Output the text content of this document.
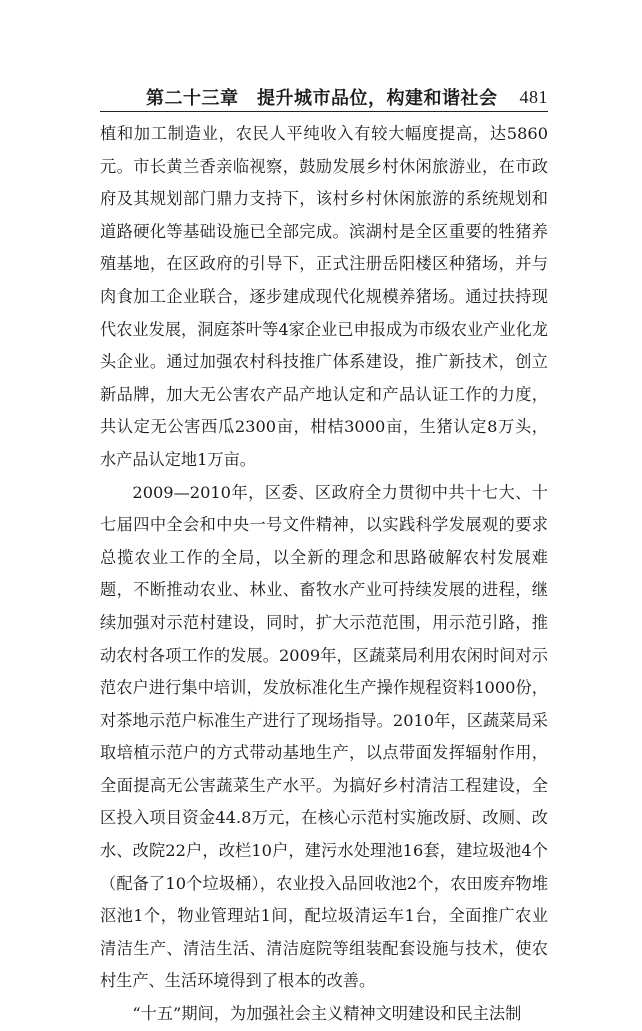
第二十三章　提升城市品位，构建和谐社会 481

植和加工制造业，农民人平纯收入有较大幅度提高，达5860元。市长黄兰香亲临视察，鼓励发展乡村休闲旅游业，在市政府及其规划部门鼎力支持下，该村乡村休闲旅游的系统规划和道路硬化等基础设施已全部完成。滨湖村是全区重要的牲猪养殖基地，在区政府的引导下，正式注册岳阳楼区种猪场，并与肉食加工企业联合，逐步建成现代化规模养猪场。通过扶持现代农业发展，洞庭茶叶等4家企业已申报成为市级农业产业化龙头企业。通过加强农村科技推广体系建设，推广新技术，创立新品牌，加大无公害农产品产地认定和产品认证工作的力度，共认定无公害西瓜2300亩，柑桔3000亩，生猪认定8万头，水产品认定地1万亩。

2009—2010年，区委、区政府全力贯彻中共十七大、十七届四中全会和中央一号文件精神，以实践科学发展观的要求总揽农业工作的全局，以全新的理念和思路破解农村发展难题，不断推动农业、林业、畜牧水产业可持续发展的进程，继续加强对示范村建设，同时，扩大示范范围，用示范引路，推动农村各项工作的发展。2009年，区蔬菜局利用农闲时间对示范农户进行集中培训，发放标准化生产操作规程资料1000份，对茶地示范户标准生产进行了现场指导。2010年，区蔬菜局采取培植示范户的方式带动基地生产，以点带面发挥辐射作用，全面提高无公害蔬菜生产水平。为搞好乡村清洁工程建设，全区投入项目资金44.8万元，在核心示范村实施改厨、改厕、改水、改院22户，改栏10户，建污水处理池16套，建垃圾池4个（配备了10个垃圾桶），农业投入品回收池2个，农田废弃物堆沤池1个，物业管理站1间，配垃圾清运车1台，全面推广农业清洁生产、清洁生活、清洁庭院等组装配套设施与技术，使农村生产、生活环境得到了根本的改善。

“十五”期间，为加强社会主义精神文明建设和民主法制
